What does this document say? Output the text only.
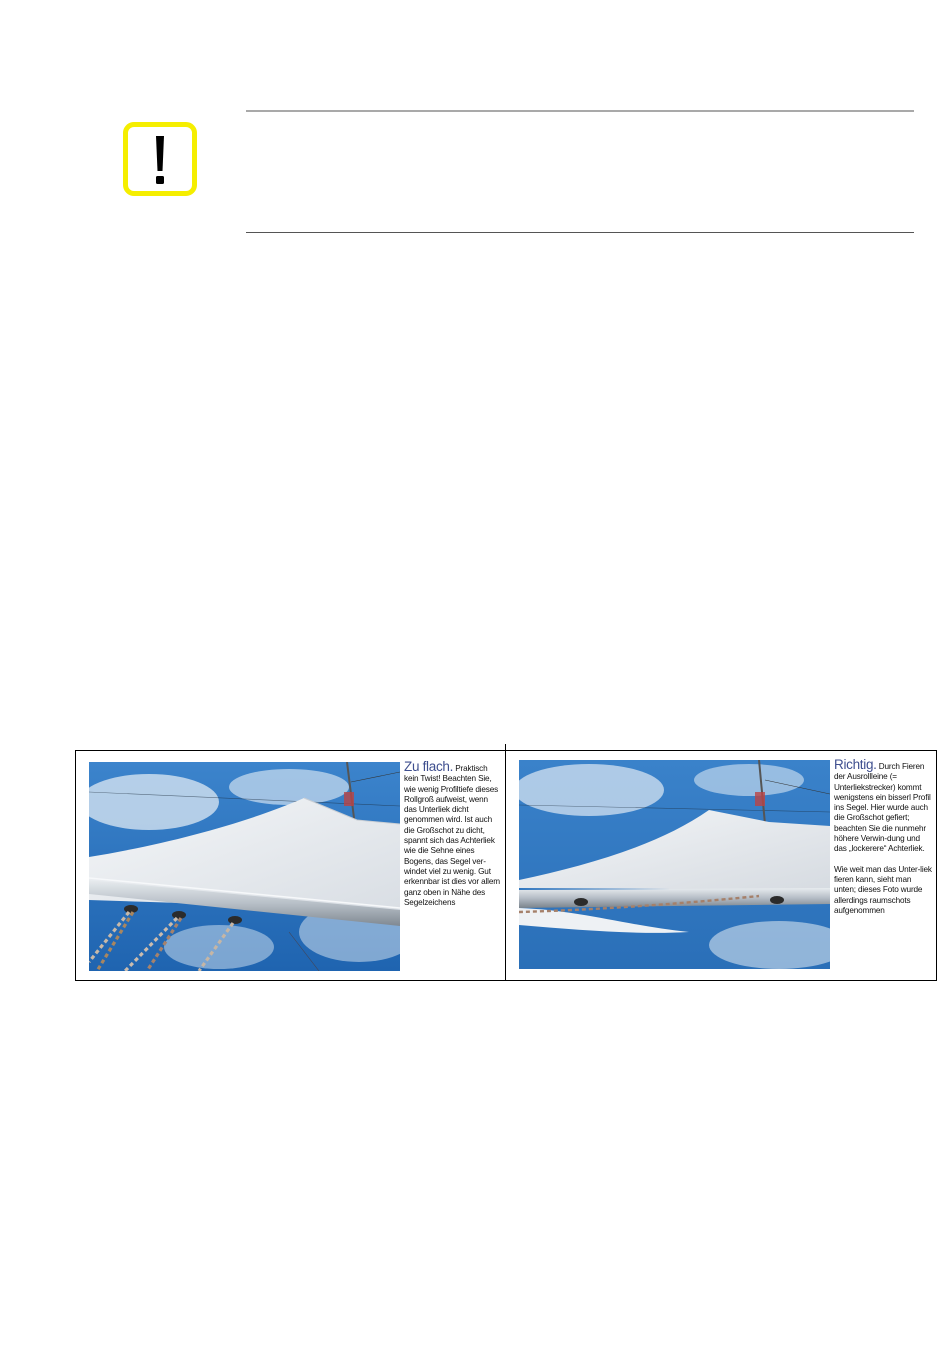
Zu flach. Praktisch kein Twist! Beachten Sie, wie wenig Profiltiefe dieses Rollgroß aufweist, wenn das Unterliek dicht genommen wird. Ist auch die Großschot zu dicht, spannt sich das Achterliek wie die Sehne eines Bogens, das Segel ver-windet viel zu wenig. Gut erkennbar ist dies vor allem ganz oben in Nähe des Segelzeichens

Richtig. Durch Fieren der Ausrollleine (= Unterliekstrecker) kommt wenigstens ein bisserl Profil ins Segel. Hier wurde auch die Großschot gefiert; beachten Sie die nunmehr höhere Verwin-dung und das „lockerere“ Achterliek.

Wie weit man das Unter-liek fieren kann, sieht man unten; dieses Foto wurde allerdings raumschots aufgenommen
